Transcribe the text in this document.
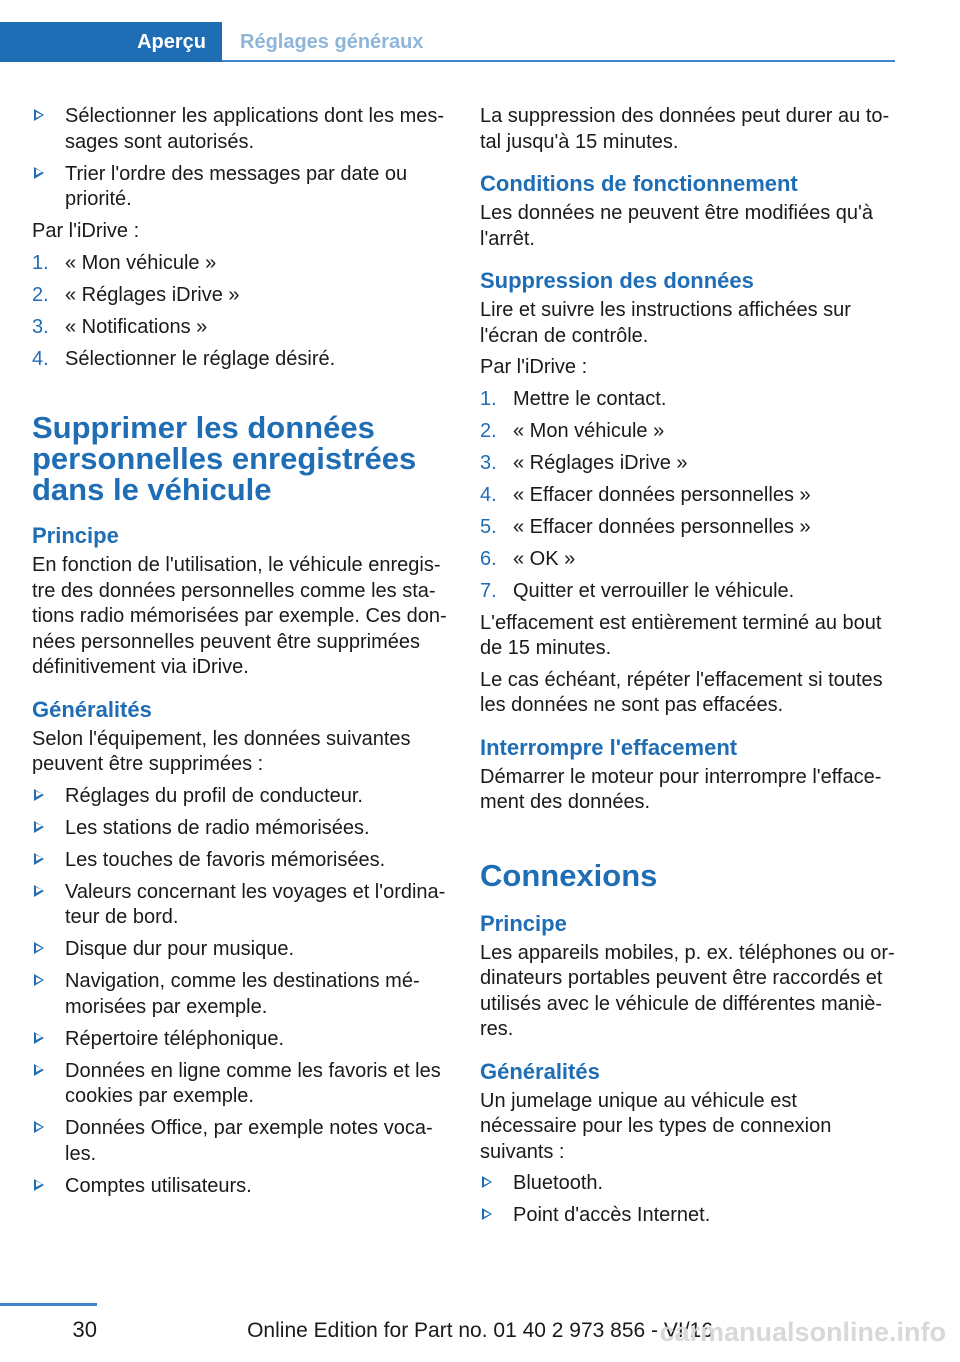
Aperçu	Réglages généraux
Sélectionner les applications dont les mes‐sages sont autorisés.
Trier l'ordre des messages par date ou priorité.

Par l'iDrive :

1. « Mon véhicule »
2. « Réglages iDrive »
3. « Notifications »
4. Sélectionner le réglage désiré.
Supprimer les données personnelles enregistrées dans le véhicule
Principe

En fonction de l'utilisation, le véhicule enregis‐tre des données personnelles comme les sta‐tions radio mémorisées par exemple. Ces don‐nées personnelles peuvent être supprimées définitivement via iDrive.

Généralités

Selon l'équipement, les données suivantes peuvent être supprimées :

Réglages du profil de conducteur.
Les stations de radio mémorisées.
Les touches de favoris mémorisées.
Valeurs concernant les voyages et l'ordina‐teur de bord.
Disque dur pour musique.
Navigation, comme les destinations mé‐morisées par exemple.
Répertoire téléphonique.
Données en ligne comme les favoris et les cookies par exemple.
Données Office, par exemple notes voca‐les.
Comptes utilisateurs.

La suppression des données peut durer au to‐tal jusqu'à 15 minutes.

Conditions de fonctionnement

Les données ne peuvent être modifiées qu'à l'arrêt.

Suppression des données

Lire et suivre les instructions affichées sur l'écran de contrôle.

Par l'iDrive :

1. Mettre le contact.
2. « Mon véhicule »
3. « Réglages iDrive »
4. « Effacer données personnelles »
5. « Effacer données personnelles »
6. « OK »
7. Quitter et verrouiller le véhicule.

L'effacement est entièrement terminé au bout de 15 minutes.

Le cas échéant, répéter l'effacement si toutes les données ne sont pas effacées.

Interrompre l'effacement

Démarrer le moteur pour interrompre l'efface‐ment des données.

Connexions
Principe

Les appareils mobiles, p. ex. téléphones ou or‐dinateurs portables peuvent être raccordés et utilisés avec le véhicule de différentes maniè‐res.

Généralités

Un jumelage unique au véhicule est nécessaire pour les types de connexion suivants :

Bluetooth.
Point d'accès Internet.
30	Online Edition for Part no. 01 40 2 973 856 - VI/16
carmanualsonline.info
